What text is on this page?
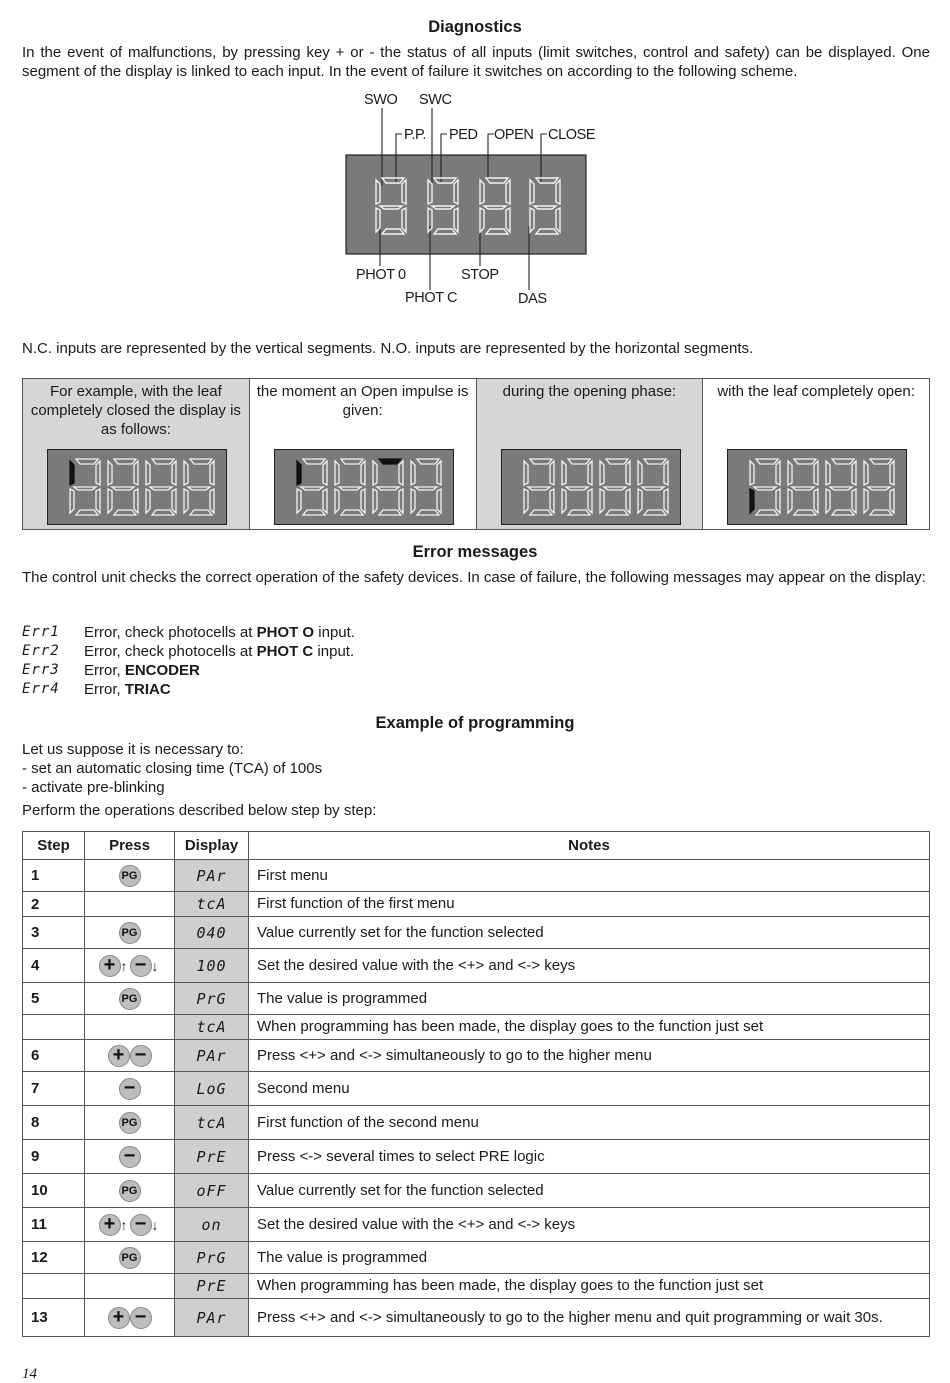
Diagnostics
In the event of malfunctions, by pressing key + or - the status of all inputs (limit switches, control and safety) can be displayed. One segment of the display is linked to each input. In the event of failure it switches on according to the following scheme.
SWO SWC
P.P. PED OPEN CLOSE
PHOT 0
PHOT C
STOP
DAS
N.C. inputs are represented by the vertical segments. N.O. inputs are represented by the horizontal segments.
For example, with the leaf completely closed the display is as follows:
the moment an Open impulse is given:
during the opening phase:	with the leaf completely open:
Error messages
The control unit checks the correct operation of the safety devices. In case of failure, the following messages may appear on the display:
Err1	Error, check photocells at PHOT O input.
Err2	Error, check photocells at PHOT C input.
Err3	Error, ENCODER
Err4	Error, TRIAC
Example of programming
Let us suppose it is necessary to:
- set an automatic closing time (TCA) of 100s
- activate pre-blinking
Perform the operations described below step by step:
Step	Press	Display	Notes
1	PG	PAr	First menu
2		tcA	First function of the first menu
3	PG	040	Value currently set for the function selected
4	+ ↑ − ↓	100	Set the desired value with the <+> and <-> keys
5	PG	PrG	The value is programmed
		tcA	When programming has been made, the display goes to the function just set
6	+ −	PAr	Press <+> and <-> simultaneously to go to the higher menu
7	−	LoG	Second menu
8	PG	tcA	First function of the second menu
9	−	PrE	Press <-> several times to select PRE logic
10	PG	oFF	Value currently set for the function selected
11	+ ↑ − ↓	on	Set the desired value with the <+> and <-> keys
12	PG	PrG	The value is programmed
		PrE	When programming has been made, the display goes to the function just set
13	+ −	PAr	Press <+> and <-> simultaneously to go to the higher menu and quit programming or wait 30s.
14
